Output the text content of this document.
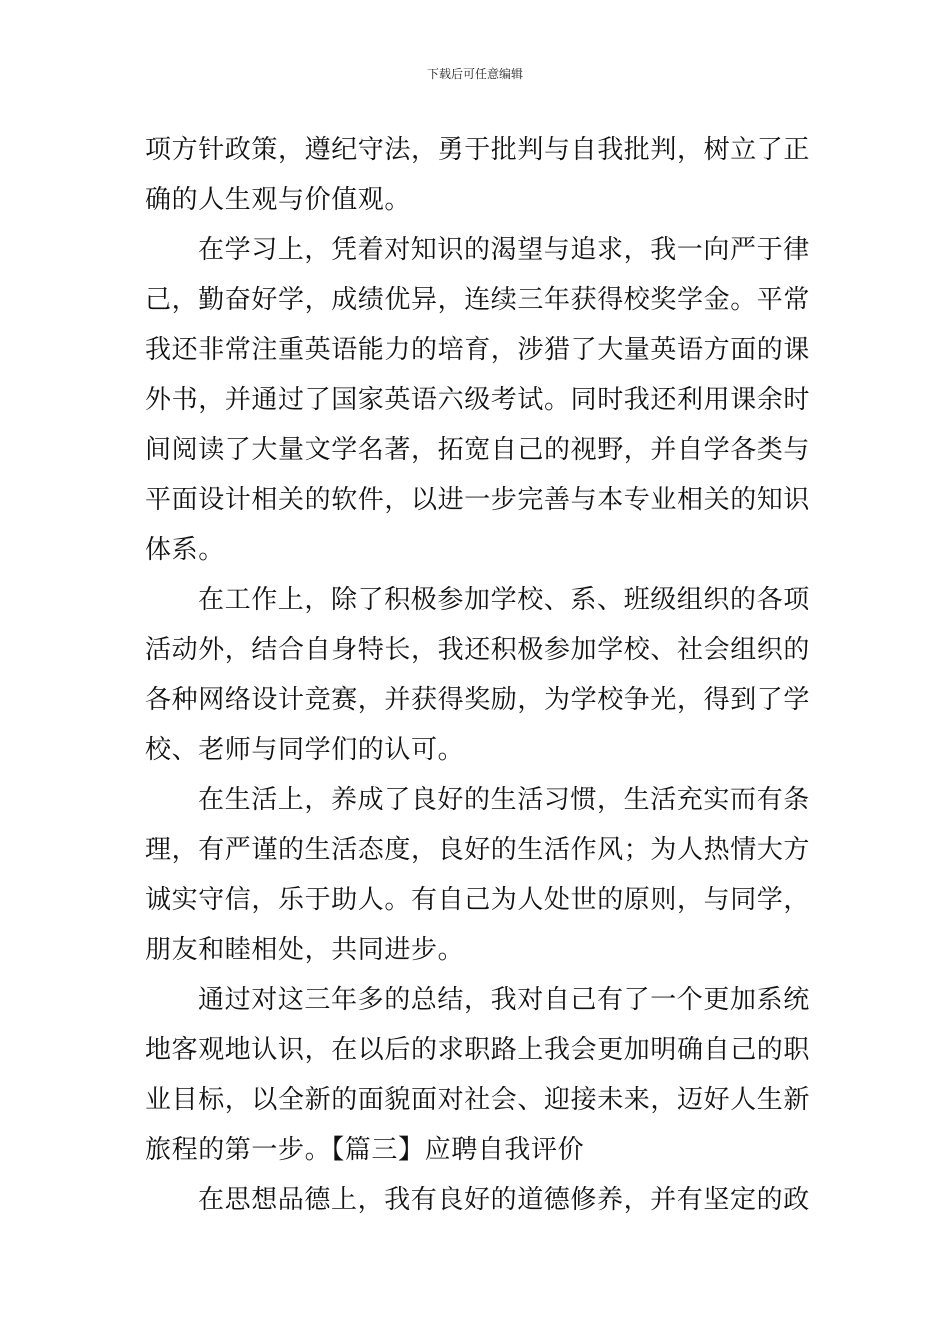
下载后可任意编辑
项方针政策，遵纪守法，勇于批判与自我批判，树立了正
确的人生观与价值观。
在学习上，凭着对知识的渴望与追求，我一向严于律
己，勤奋好学，成绩优异，连续三年获得校奖学金。平常
我还非常注重英语能力的培育，涉猎了大量英语方面的课
外书，并通过了国家英语六级考试。同时我还利用课余时
间阅读了大量文学名著，拓宽自己的视野，并自学各类与
平面设计相关的软件，以进一步完善与本专业相关的知识
体系。
在工作上，除了积极参加学校、系、班级组织的各项
活动外，结合自身特长，我还积极参加学校、社会组织的
各种网络设计竞赛，并获得奖励，为学校争光，得到了学
校、老师与同学们的认可。
在生活上，养成了良好的生活习惯，生活充实而有条
理，有严谨的生活态度，良好的生活作风；为人热情大方
诚实守信，乐于助人。有自己为人处世的原则，与同学，
朋友和睦相处，共同进步。
通过对这三年多的总结，我对自己有了一个更加系统
地客观地认识，在以后的求职路上我会更加明确自己的职
业目标，以全新的面貌面对社会、迎接未来，迈好人生新
旅程的第一步。【篇三】应聘自我评价
在思想品德上，我有良好的道德修养，并有坚定的政
